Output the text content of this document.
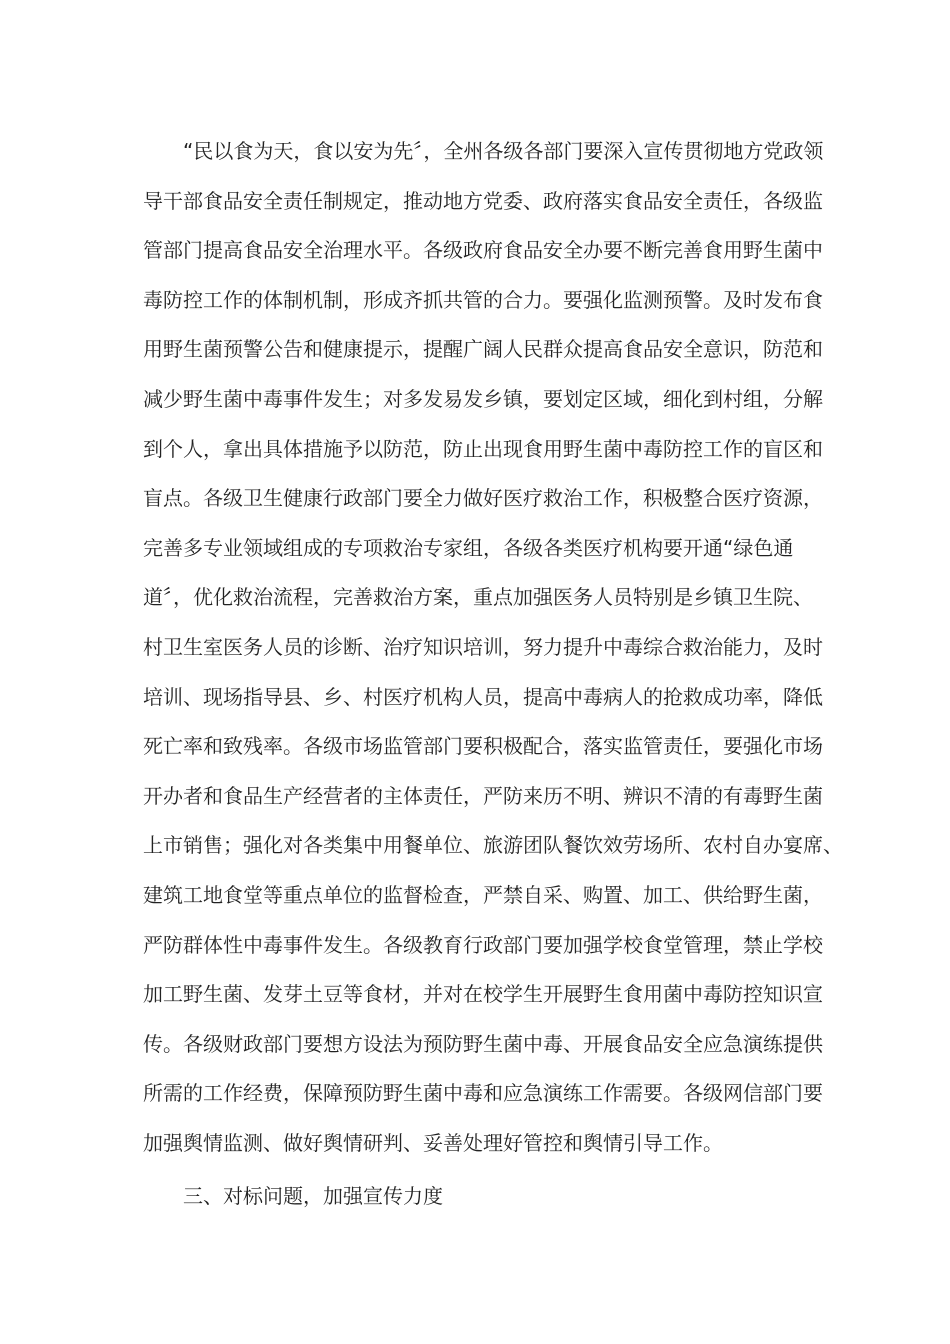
“民以食为天，食以安为先〞，全州各级各部门要深入宣传贯彻地方党政领
导干部食品安全责任制规定，推动地方党委、政府落实食品安全责任，各级监
管部门提高食品安全治理水平。各级政府食品安全办要不断完善食用野生菌中
毒防控工作的体制机制，形成齐抓共管的合力。要强化监测预警。及时发布食
用野生菌预警公告和健康提示，提醒广阔人民群众提高食品安全意识，防范和
减少野生菌中毒事件发生；对多发易发乡镇，要划定区域，细化到村组，分解
到个人，拿出具体措施予以防范，防止出现食用野生菌中毒防控工作的盲区和
盲点。各级卫生健康行政部门要全力做好医疗救治工作，积极整合医疗资源，
完善多专业领域组成的专项救治专家组，各级各类医疗机构要开通“绿色通
道〞，优化救治流程，完善救治方案，重点加强医务人员特别是乡镇卫生院、
村卫生室医务人员的诊断、治疗知识培训，努力提升中毒综合救治能力，及时
培训、现场指导县、乡、村医疗机构人员，提高中毒病人的抢救成功率，降低
死亡率和致残率。各级市场监管部门要积极配合，落实监管责任，要强化市场
开办者和食品生产经营者的主体责任，严防来历不明、辨识不清的有毒野生菌
上市销售；强化对各类集中用餐单位、旅游团队餐饮效劳场所、农村自办宴席、
建筑工地食堂等重点单位的监督检查，严禁自采、购置、加工、供给野生菌，
严防群体性中毒事件发生。各级教育行政部门要加强学校食堂管理，禁止学校
加工野生菌、发芽土豆等食材，并对在校学生开展野生食用菌中毒防控知识宣
传。各级财政部门要想方设法为预防野生菌中毒、开展食品安全应急演练提供
所需的工作经费，保障预防野生菌中毒和应急演练工作需要。各级网信部门要
加强舆情监测、做好舆情研判、妥善处理好管控和舆情引导工作。
三、对标问题，加强宣传力度
